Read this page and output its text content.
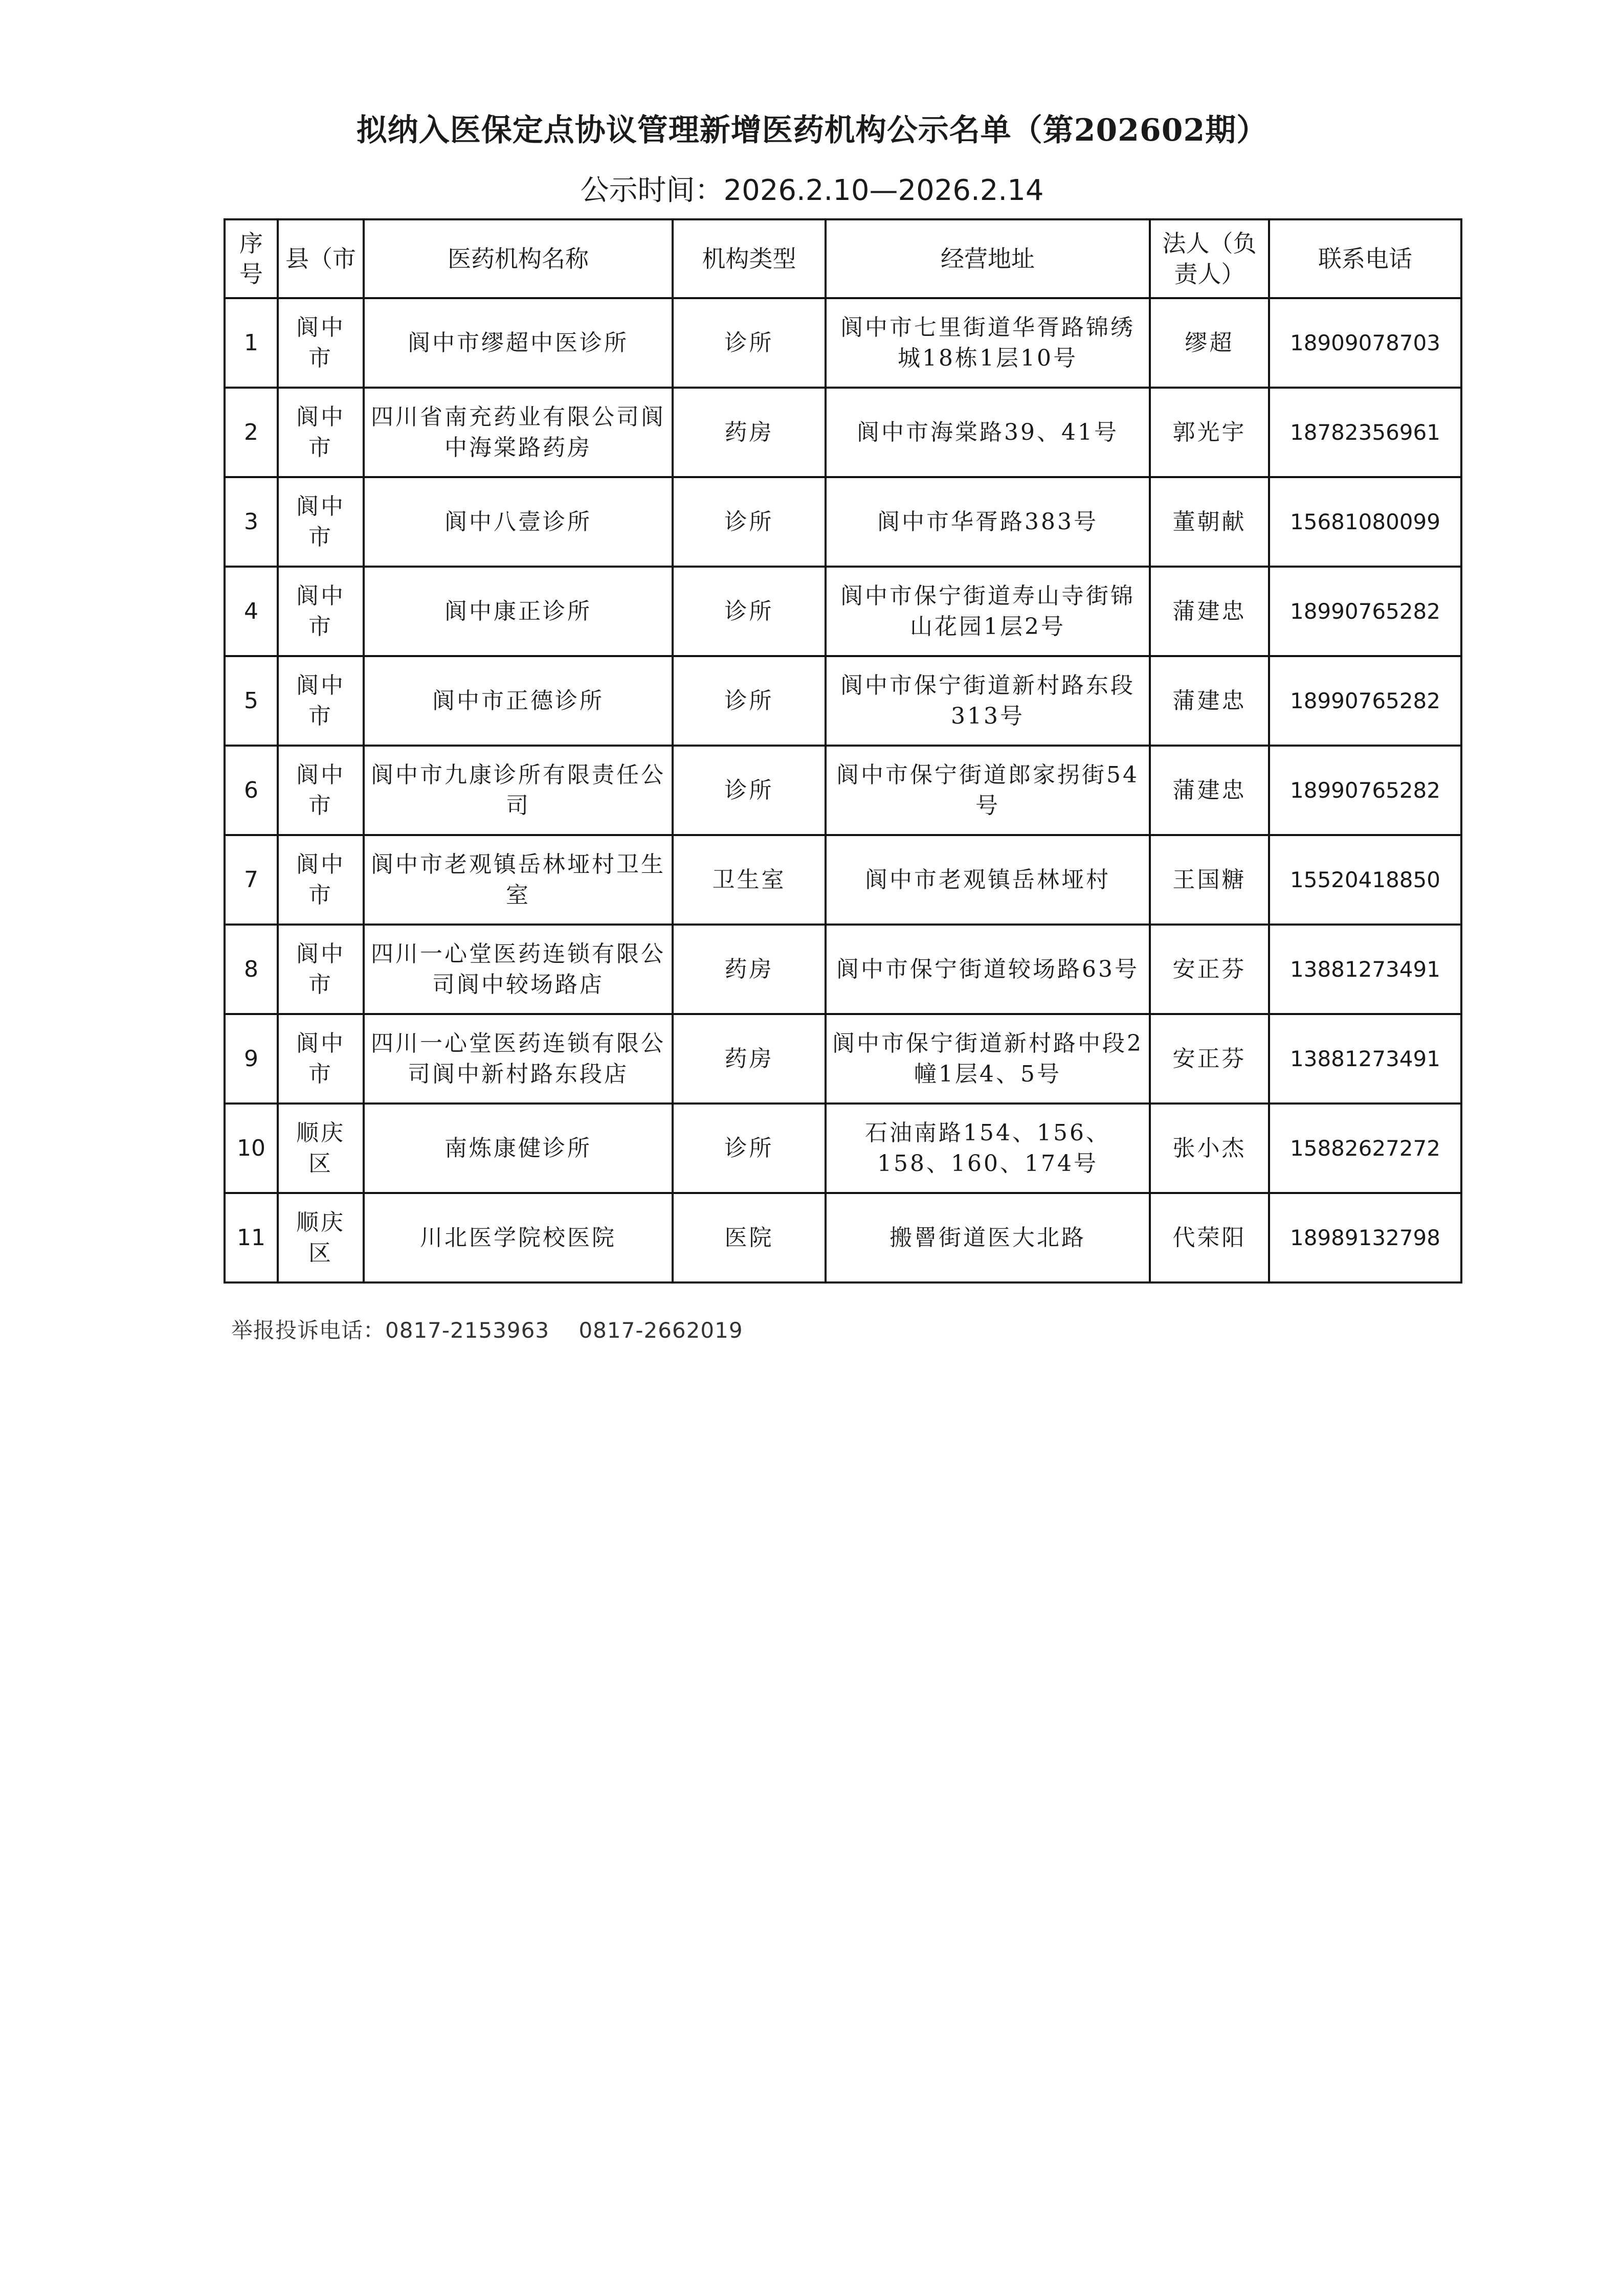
拟纳入医保定点协议管理新增医药机构公示名单（第202602期）
公示时间：2026.2.10—2026.2.14
序号	县（市	医药机构名称	机构类型	经营地址	法人（负责人）	联系电话
1	阆中市	阆中市缪超中医诊所	诊所	阆中市七里街道华胥路锦绣城18栋1层10号	缪超	18909078703
2	阆中市	四川省南充药业有限公司阆中海棠路药房	药房	阆中市海棠路39、41号	郭光宇	18782356961
3	阆中市	阆中八壹诊所	诊所	阆中市华胥路383号	董朝献	15681080099
4	阆中市	阆中康正诊所	诊所	阆中市保宁街道寿山寺街锦山花园1层2号	蒲建忠	18990765282
5	阆中市	阆中市正德诊所	诊所	阆中市保宁街道新村路东段313号	蒲建忠	18990765282
6	阆中市	阆中市九康诊所有限责任公司	诊所	阆中市保宁街道郎家拐街54号	蒲建忠	18990765282
7	阆中市	阆中市老观镇岳林垭村卫生室	卫生室	阆中市老观镇岳林垭村	王国糖	15520418850
8	阆中市	四川一心堂医药连锁有限公司阆中较场路店	药房	阆中市保宁街道较场路63号	安正芬	13881273491
9	阆中市	四川一心堂医药连锁有限公司阆中新村路东段店	药房	阆中市保宁街道新村路中段2幢1层4、5号	安正芬	13881273491
10	顺庆区	南炼康健诊所	诊所	石油南路154、156、158、160、174号	张小杰	15882627272
11	顺庆区	川北医学院校医院	医院	搬罾街道医大北路	代荣阳	18989132798
举报投诉电话：0817-2153963　 0817-2662019
